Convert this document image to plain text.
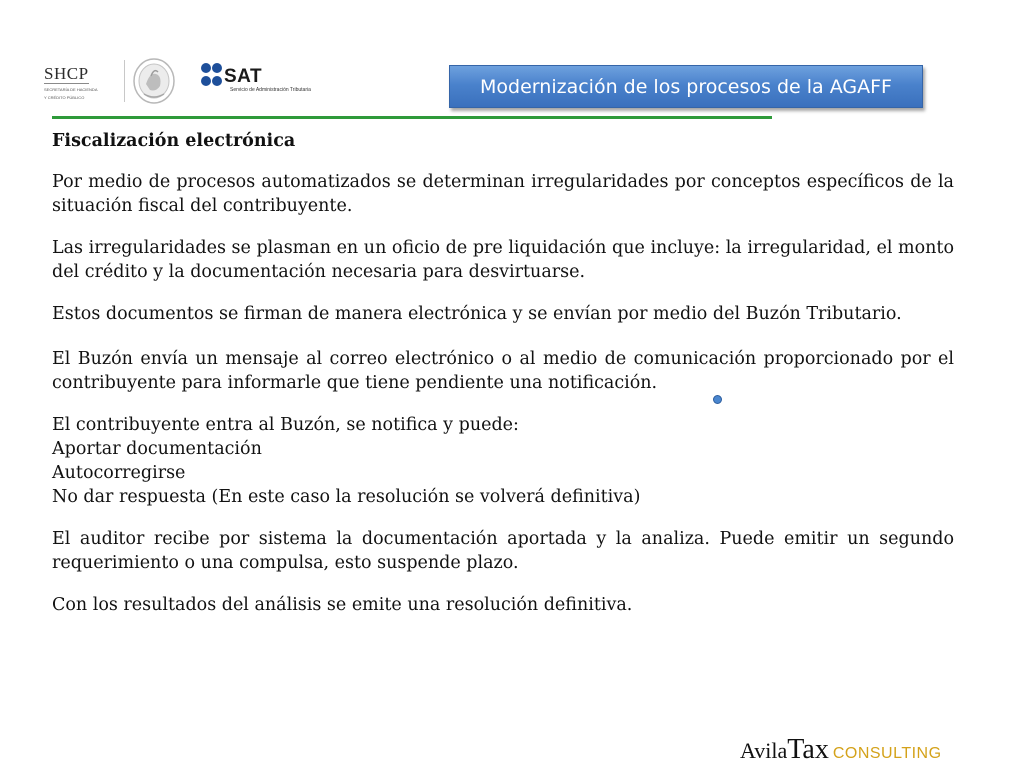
SHCP
SECRETARÍA DE HACIENDA
Y CRÉDITO PÚBLICO
SAT
Servicio de Administración Tributaria	Modernización de los procesos de la AGAFF
Fiscalización electrónica

Por medio de procesos automatizados se determinan irregularidades por conceptos específicos de la situación fiscal del contribuyente.

Las irregularidades se plasman en un oficio de pre liquidación que incluye: la irregularidad, el monto del crédito y la documentación necesaria para desvirtuarse.

Estos documentos se firman de manera electrónica y se envían por medio del Buzón Tributario.

El Buzón envía un mensaje al correo electrónico o al medio de comunicación proporcionado por el contribuyente para informarle que tiene pendiente una notificación.

El contribuyente entra al Buzón, se notifica y puede:

Aportar documentación

Autocorregirse

No dar respuesta (En este caso la resolución se volverá definitiva)

El auditor recibe por sistema la documentación aportada y la analiza. Puede emitir un segundo requerimiento o una compulsa, esto suspende plazo.

Con los resultados del análisis se emite una resolución definitiva.

AvilaTax CONSULTING
